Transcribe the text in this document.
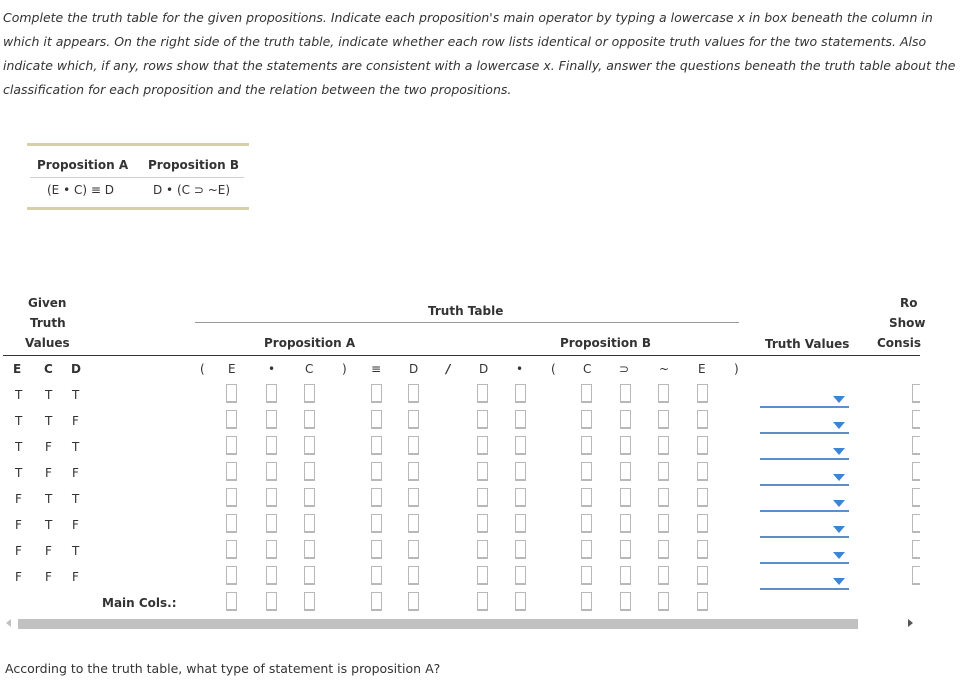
Complete the truth table for the given propositions. Indicate each proposition's main operator by typing a lowercase x in box beneath the column in which it appears. On the right side of the truth table, indicate whether each row lists identical or opposite truth values for the two statements. Also indicate which, if any, rows show that the statements are consistent with a lowercase x. Finally, answer the questions beneath the truth table about the classification for each proposition and the relation between the two propositions.

Proposition A Proposition B
(E • C) ≡ D	D • (C ⊃ ~E)
Given
Truth
Values
Truth Table
Proposition A	Proposition B	Truth Values
Ro
Show
Consis
E C D	( E	• C ) ≡ D / D • ( C ⊃ ~ E )
T T T
T T F
T F T
T F F
F T T
F T F
F F T
F F F
Main Cols.:
According to the truth table, what type of statement is proposition A?
